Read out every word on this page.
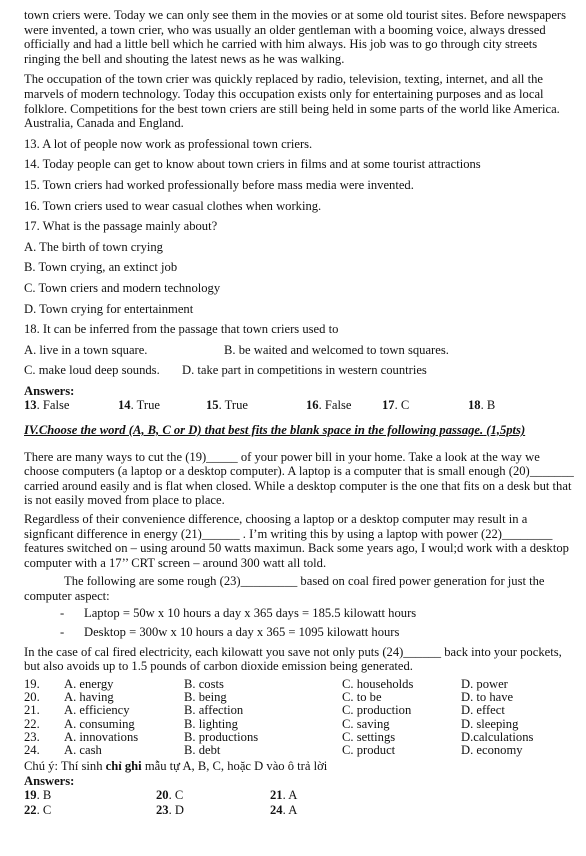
town criers were. Today we can only see them in the movies or at some old tourist sites. Before newspapers were invented, a town crier, who was usually an older gentleman with a booming voice, always dressed officially and had a little bell which he carried with him always. His job was to go through city streets ringing the bell and shouting the latest news as he was walking.

The occupation of the town crier was quickly replaced by radio, television, texting, internet, and all the marvels of modern technology. Today this occupation exists only for entertaining purposes and as local folklore. Competitions for the best town criers are still being held in some parts of the world like America. Australia, Canada and England.

13. A lot of people now work as professional town criers.

14. Today people can get to know about town criers in films and at some tourist attractions

15. Town criers had worked professionally before mass media were invented.

16. Town criers used to wear casual clothes when working.

17. What is the passage mainly about?

A. The birth of town crying

B. Town crying, an extinct job

C. Town criers and modern technology

D. Town crying for entertainment

18. It can be inferred from the passage that town criers used to

A. live in a town square.	B. be waited and welcomed to town squares.
C. make loud deep sounds.	D. take part in competitions in western countries

Answers:

13. False	14. True	15. True	16. False	17. C	18. B

IV.Choose the word (A, B, C or D) that best fits the blank space in the following passage. (1,5pts)

There are many ways to cut the (19)_____ of your power bill in your home. Take a look at the way we choose computers (a laptop or a desktop computer). A laptop is a computer that is small enough (20)_______ carried around easily and is flat when closed. While a desktop computer is the one that fits on a desk but that is not easily moved from place to place.

Regardless of their convenience difference, choosing a laptop or a desktop computer may result in a signficant difference in energy (21)______ . I’m writing this by using a laptop with power (22)________ features switched on – using around 50 watts maximun. Back some years ago, I woul;d work with a desktop computer with a 17’’ CRT screen – around 300 watt all told.

The following are some rough (23)_________ based on coal fired power generation for just the computer aspect:

-	Laptop = 50w x 10 hours a day x 365 days = 185.5 kilowatt hours
-	Desktop = 300w x 10 hours a day x 365 = 1095 kilowatt hours

In the case of cal fired electricity, each kilowatt you save not only puts (24)______ back into your pockets, but also avoids up to 1.5 pounds of carbon dioxide emission being generated.

19.	A. energy	B. costs	C. households	D. power
20.	A. having	B. being	C. to be	D. to have
21.	A. efficiency	B. affection	C. production	D. effect
22.	A. consuming	B. lighting	C. saving	D. sleeping
23.	A. innovations	B. productions	C. settings	D.calculations
24.	A. cash	B. debt	C. product	D. economy

Chú ý: Thí sinh chỉ ghi mẫu tự A, B, C, hoặc D vào ô trả lời

Answers:

19. B	20. C	21. A
22. C	23. D	24. A
